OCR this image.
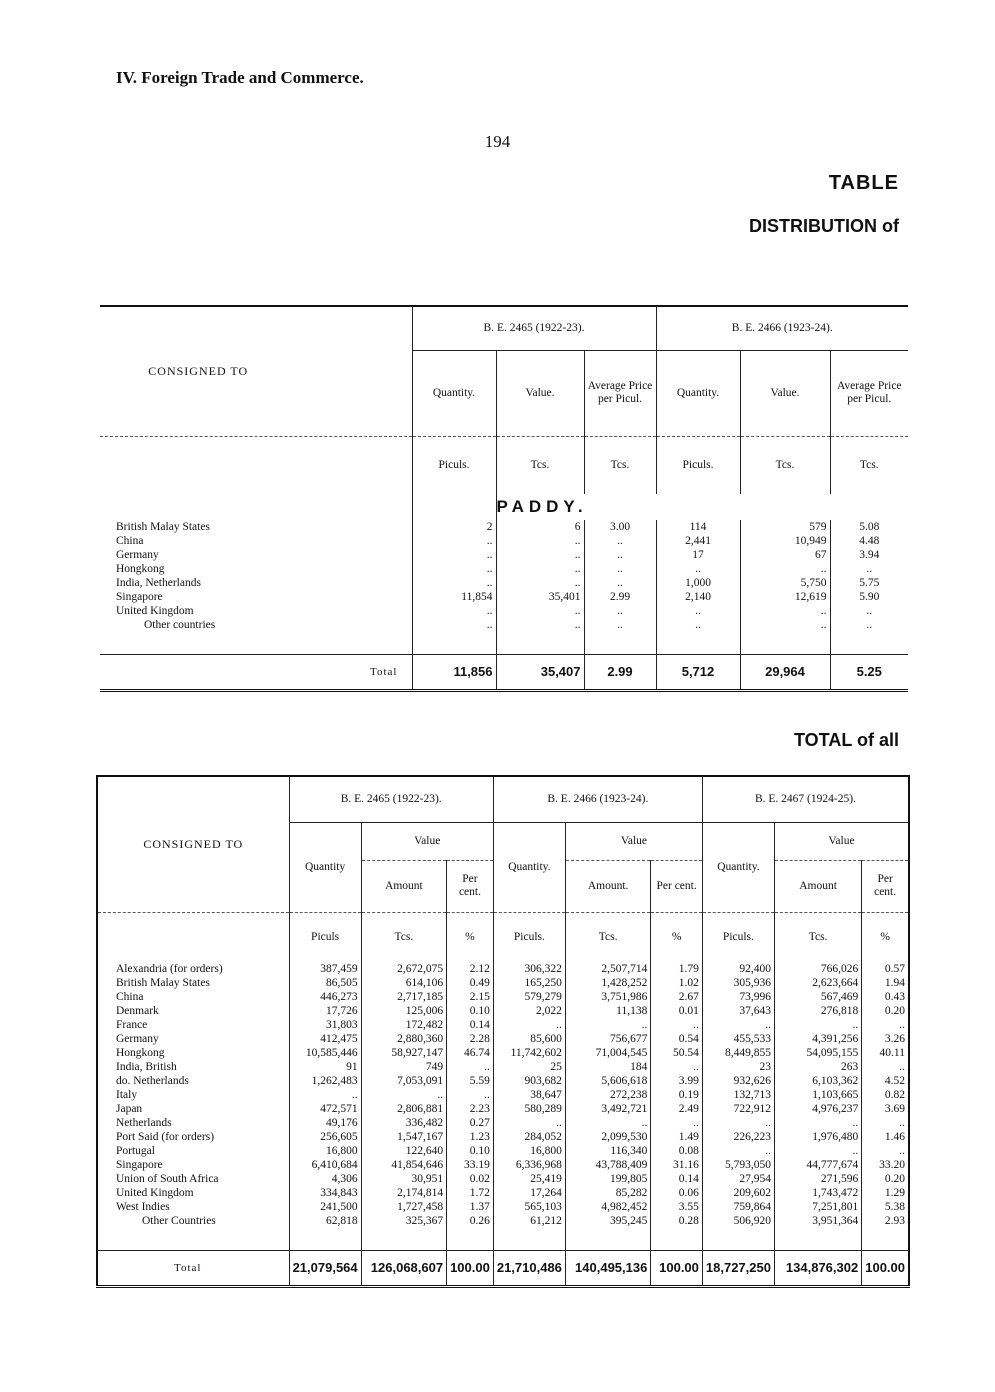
IV. Foreign Trade and Commerce.
194
TABLE
DISTRIBUTION of
CONSIGNED TO	B. E. 2465 (1922-23).			B. E. 2466 (1923-24).		
	Quantity.	Value.	Average Price per Picul.	Quantity.	Value.	Average Price per Picul.
	Piculs.	Tcs.	Tcs.	Piculs.	Tcs.	Tcs.
		PADDY.				
British Malay States	2	6	3.00	114	579	5.08
China	..	..	..	2,441	10,949	4.48
Germany	..	..	..	17	67	3.94
Hongkong	..	..	..	..	..	..
India, Netherlands	..	..	..	1,000	5,750	5.75
Singapore	11,854	35,401	2.99	2,140	12,619	5.90
United Kingdom	..	..	..	..	..	..
Other countries	..	..	..	..	..	..

Total	11,856	35,407	2.99	5,712	29,964	5.25
TOTAL of all
CONSIGNED TO	B. E. 2465 (1922-23).			B. E. 2466 (1923-24).			B. E. 2467 (1924-25).		
	Quantity	Value		Quantity.	Value		Quantity.	Value	
		Amount	Per cent.		Amount.	Per cent.		Amount	Per cent.
	Piculs	Tcs.	%	Piculs.	Tcs.	%	Piculs.	Tcs.	%
Alexandria (for orders)	387,459	2,672,075	2.12	306,322	2,507,714	1.79	92,400	766,026	0.57
British Malay States	86,505	614,106	0.49	165,250	1,428,252	1.02	305,936	2,623,664	1.94
China	446,273	2,717,185	2.15	579,279	3,751,986	2.67	73,996	567,469	0.43
Denmark	17,726	125,006	0.10	2,022	11,138	0.01	37,643	276,818	0.20
France	31,803	172,482	0.14	..	..	..	..	..	..
Germany	412,475	2,880,360	2.28	85,600	756,677	0.54	455,533	4,391,256	3.26
Hongkong	10,585,446	58,927,147	46.74	11,742,602	71,004,545	50.54	8,449,855	54,095,155	40.11
India, British	91	749	..	25	184	..	23	263	..
do. Netherlands	1,262,483	7,053,091	5.59	903,682	5,606,618	3.99	932,626	6,103,362	4.52
Italy	..	..	..	38,647	272,238	0.19	132,713	1,103,665	0.82
Japan	472,571	2,806,881	2.23	580,289	3,492,721	2.49	722,912	4,976,237	3.69
Netherlands	49,176	336,482	0.27	..	..	..	..	..	..
Port Said (for orders)	256,605	1,547,167	1.23	284,052	2,099,530	1.49	226,223	1,976,480	1.46
Portugal	16,800	122,640	0.10	16,800	116,340	0.08	..	..	..
Singapore	6,410,684	41,854,646	33.19	6,336,968	43,788,409	31.16	5,793,050	44,777,674	33.20
Union of South Africa	4,306	30,951	0.02	25,419	199,805	0.14	27,954	271,596	0.20
United Kingdom	334,843	2,174,814	1.72	17,264	85,282	0.06	209,602	1,743,472	1.29
West Indies	241,500	1,727,458	1.37	565,103	4,982,452	3.55	759,864	7,251,801	5.38
Other Countries	62,818	325,367	0.26	61,212	395,245	0.28	506,920	3,951,364	2.93

Total	21,079,564	126,068,607	100.00	21,710,486	140,495,136	100.00	18,727,250	134,876,302	100.00
